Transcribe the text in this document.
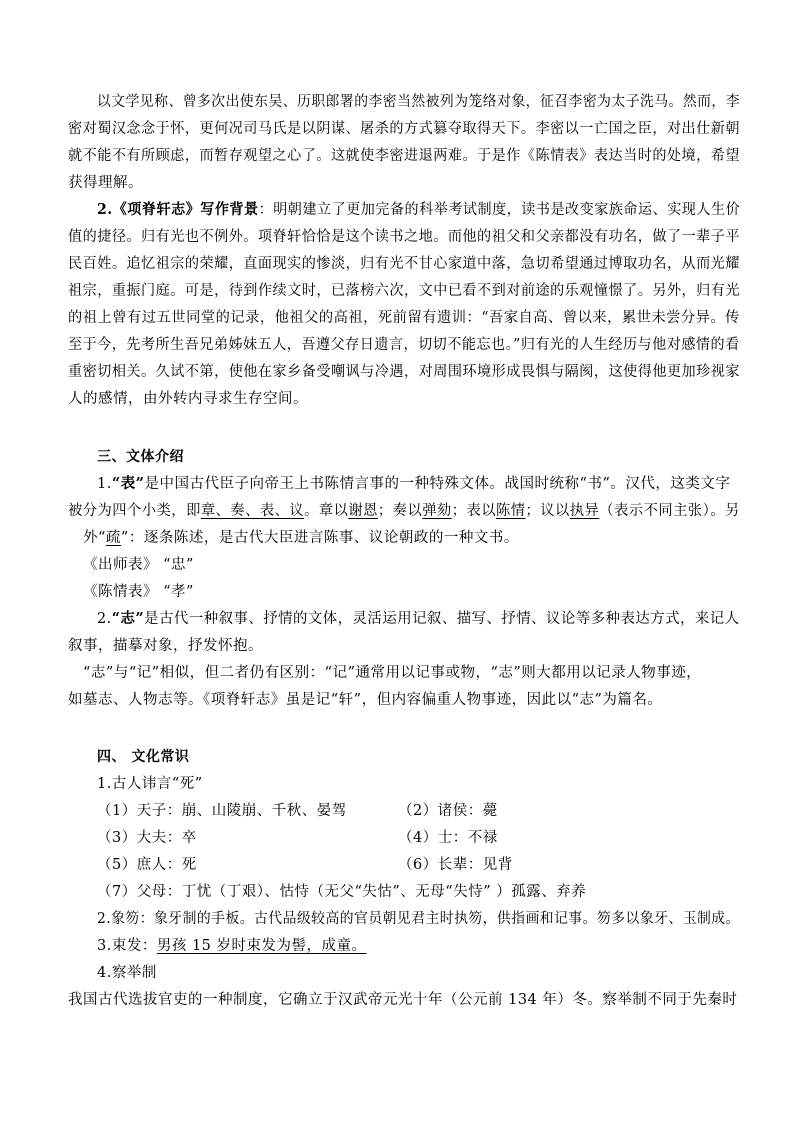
以文学见称、曾多次出使东吴、历职郎署的李密当然被列为笼络对象，征召李密为太子洗马。然而，李
密对蜀汉念念于怀，更何况司马氏是以阴谋、屠杀的方式篡夺取得天下。李密以一亡国之臣，对出仕新朝
就不能不有所顾虑，而暂存观望之心了。这就使李密进退两难。于是作《陈情表》表达当时的处境，希望
获得理解。
2.《项脊轩志》写作背景：明朝建立了更加完备的科举考试制度，读书是改变家族命运、实现人生价
值的捷径。归有光也不例外。项脊轩恰恰是这个读书之地。而他的祖父和父亲都没有功名，做了一辈子平
民百姓。追忆祖宗的荣耀，直面现实的惨淡，归有光不甘心家道中落，急切希望通过博取功名，从而光耀
祖宗，重振门庭。可是，待到作续文时，已落榜六次，文中已看不到对前途的乐观憧憬了。另外，归有光
的祖上曾有过五世同堂的记录，他祖父的高祖，死前留有遗训：“吾家自高、曾以来，累世未尝分异。传
至于今，先考所生吾兄弟姊妹五人，吾遵父存日遗言，切切不能忘也。”归有光的人生经历与他对感情的看
重密切相关。久试不第，使他在家乡备受嘲讽与冷遇，对周围环境形成畏惧与隔阂，这使得他更加珍视家
人的感情，由外转内寻求生存空间。
三、文体介绍
1.“表”是中国古代臣子向帝王上书陈情言事的一种特殊文体。战国时统称“书”。汉代，这类文字
被分为四个小类，即章、奏、表、议。章以谢恩；奏以弹劾；表以陈情；议以执异（表示不同主张）。另
外“疏”：逐条陈述，是古代大臣进言陈事、议论朝政的一种文书。
《出师表》 “忠”
《陈情表》 “孝”
2.“志”是古代一种叙事、抒情的文体，灵活运用记叙、描写、抒情、议论等多种表达方式，来记人
叙事，描摹对象，抒发怀抱。
“志”与“记”相似，但二者仍有区别：“记”通常用以记事或物，“志”则大都用以记录人物事迹，
如墓志、人物志等。《项脊轩志》虽是记“轩”，但内容偏重人物事迹，因此以“志”为篇名。
四、 文化常识
1.古人讳言“死”
（1）天子：崩、山陵崩、千秋、晏驾	（2）诸侯：薨
（3）大夫：卒	（4）士：不禄
（5）庶人：死	（6）长辈：见背
（7）父母：丁忧（丁艰）、怙恃（无父“失怙”、无母“失恃” ）孤露、弃养
2.象笏：象牙制的手板。古代品级较高的官员朝见君主时执笏，供指画和记事。笏多以象牙、玉制成。
3.束发：男孩 15 岁时束发为髻，成童。
4.察举制
我国古代选拔官吏的一种制度，它确立于汉武帝元光十年（公元前 134 年）冬。察举制不同于先秦时
